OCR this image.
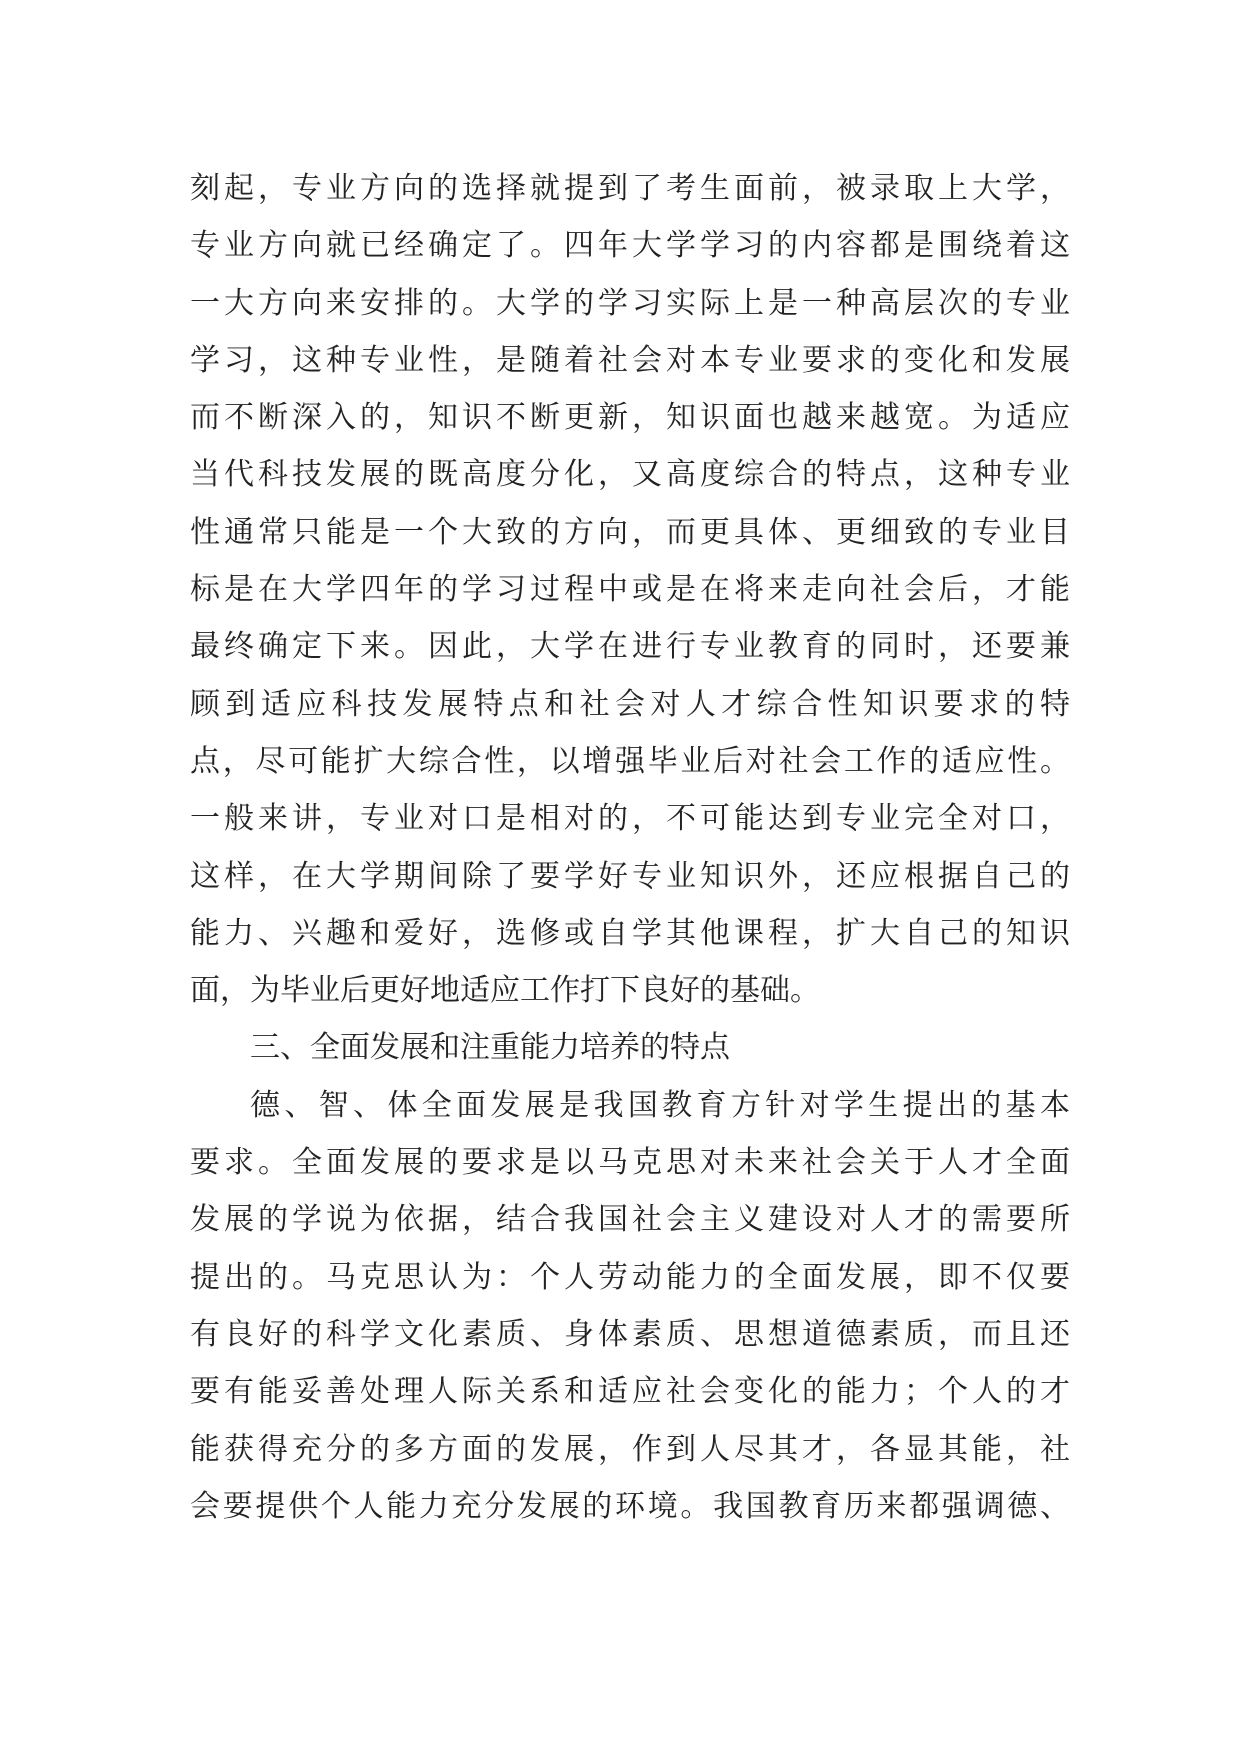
刻起，专业方向的选择就提到了考生面前，被录取上大学，
专业方向就已经确定了。四年大学学习的内容都是围绕着这
一大方向来安排的。大学的学习实际上是一种高层次的专业
学习，这种专业性，是随着社会对本专业要求的变化和发展
而不断深入的，知识不断更新，知识面也越来越宽。为适应
当代科技发展的既高度分化，又高度综合的特点，这种专业
性通常只能是一个大致的方向，而更具体、更细致的专业目
标是在大学四年的学习过程中或是在将来走向社会后，才能
最终确定下来。因此，大学在进行专业教育的同时，还要兼
顾到适应科技发展特点和社会对人才综合性知识要求的特
点，尽可能扩大综合性，以增强毕业后对社会工作的适应性。
一般来讲，专业对口是相对的，不可能达到专业完全对口，
这样，在大学期间除了要学好专业知识外，还应根据自己的
能力、兴趣和爱好，选修或自学其他课程，扩大自己的知识
面，为毕业后更好地适应工作打下良好的基础。
三、全面发展和注重能力培养的特点
德、智、体全面发展是我国教育方针对学生提出的基本
要求。全面发展的要求是以马克思对未来社会关于人才全面
发展的学说为依据，结合我国社会主义建设对人才的需要所
提出的。马克思认为：个人劳动能力的全面发展，即不仅要
有良好的科学文化素质、身体素质、思想道德素质，而且还
要有能妥善处理人际关系和适应社会变化的能力；个人的才
能获得充分的多方面的发展，作到人尽其才，各显其能，社
会要提供个人能力充分发展的环境。我国教育历来都强调德、
